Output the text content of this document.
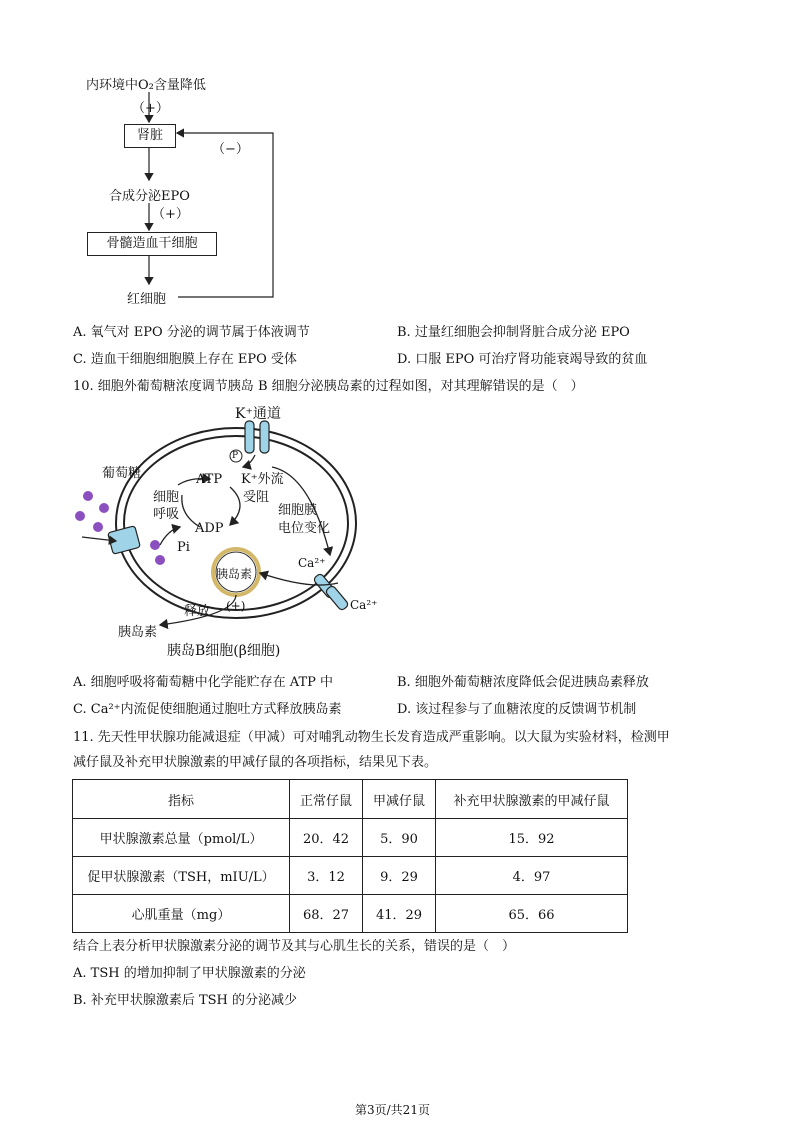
内环境中O₂含量降低
（+）
肾脏
（−）
合成分泌EPO
（+）
骨髓造血干细胞
红细胞
A. 氧气对 EPO 分泌的调节属于体液调节	B. 过量红细胞会抑制肾脏合成分泌 EPO
C. 造血干细胞细胞膜上存在 EPO 受体	D. 口服 EPO 可治疗肾功能衰竭导致的贫血
10. 细胞外葡萄糖浓度调节胰岛 B 细胞分泌胰岛素的过程如图，对其理解错误的是（　）
K⁺通道
葡萄糖
P
ATP K⁺外流
受阻
细胞
呼吸
ADP
Pi
细胞膜
电位变化
胰岛素
Ca²⁺
Ca²⁺
释放 (+)
胰岛素
胰岛B细胞(β细胞)
A. 细胞呼吸将葡萄糖中化学能贮存在 ATP 中	B. 细胞外葡萄糖浓度降低会促进胰岛素释放
C. Ca²⁺内流促使细胞通过胞吐方式释放胰岛素	D. 该过程参与了血糖浓度的反馈调节机制
11. 先天性甲状腺功能减退症（甲减）可对哺乳动物生长发育造成严重影响。以大鼠为实验材料，检测甲
减仔鼠及补充甲状腺激素的甲减仔鼠的各项指标，结果见下表。
指标	正常仔鼠	甲减仔鼠	补充甲状腺激素的甲减仔鼠
甲状腺激素总量（pmol/L）	20．42	5．90	15．92
促甲状腺激素（TSH，mIU/L）	3．12	9．29	4．97
心肌重量（mg）	68．27	41．29	65．66
结合上表分析甲状腺激素分泌的调节及其与心肌生长的关系，错误的是（　）
A. TSH 的增加抑制了甲状腺激素的分泌
B. 补充甲状腺激素后 TSH 的分泌减少
第3页/共21页
